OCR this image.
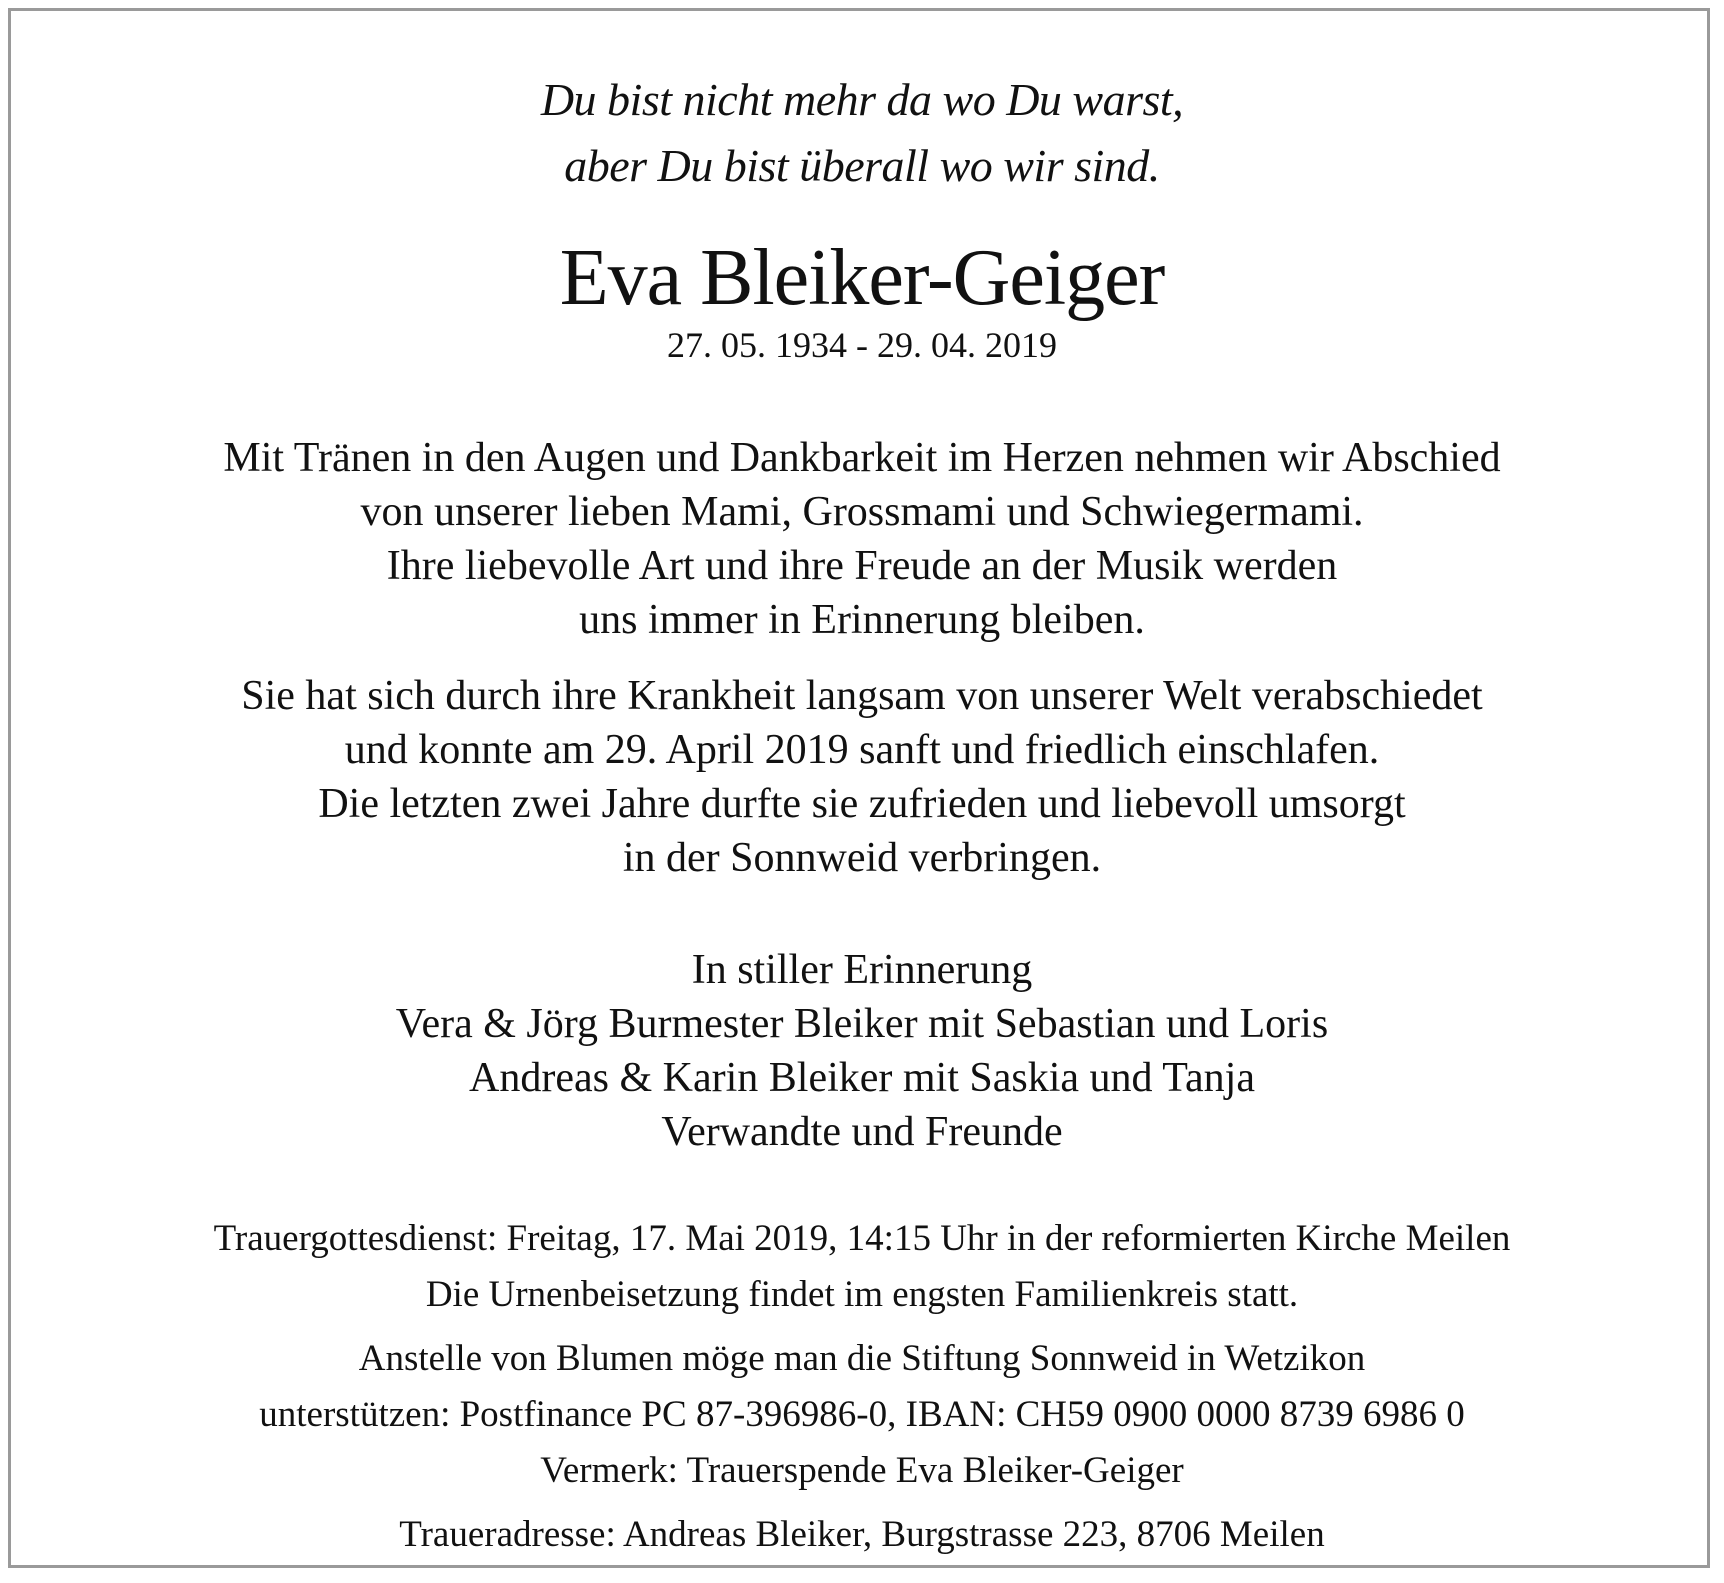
Du bist nicht mehr da wo Du warst,
aber Du bist überall wo wir sind.
Eva Bleiker-Geiger
27. 05. 1934 - 29. 04. 2019
Mit Tränen in den Augen und Dankbarkeit im Herzen nehmen wir Abschied
von unserer lieben Mami, Grossmami und Schwiegermami.
Ihre liebevolle Art und ihre Freude an der Musik werden
uns immer in Erinnerung bleiben.
Sie hat sich durch ihre Krankheit langsam von unserer Welt verabschiedet
und konnte am 29. April 2019 sanft und friedlich einschlafen.
Die letzten zwei Jahre durfte sie zufrieden und liebevoll umsorgt
in der Sonnweid verbringen.
In stiller Erinnerung
Vera & Jörg Burmester Bleiker mit Sebastian und Loris
Andreas & Karin Bleiker mit Saskia und Tanja
Verwandte und Freunde
Trauergottesdienst: Freitag, 17. Mai 2019, 14:15 Uhr in der reformierten Kirche Meilen
Die Urnenbeisetzung findet im engsten Familienkreis statt.
Anstelle von Blumen möge man die Stiftung Sonnweid in Wetzikon
unterstützen: Postfinance PC 87-396986-0, IBAN: CH59 0900 0000 8739 6986 0
Vermerk: Trauerspende Eva Bleiker-Geiger
Traueradresse: Andreas Bleiker, Burgstrasse 223, 8706 Meilen
